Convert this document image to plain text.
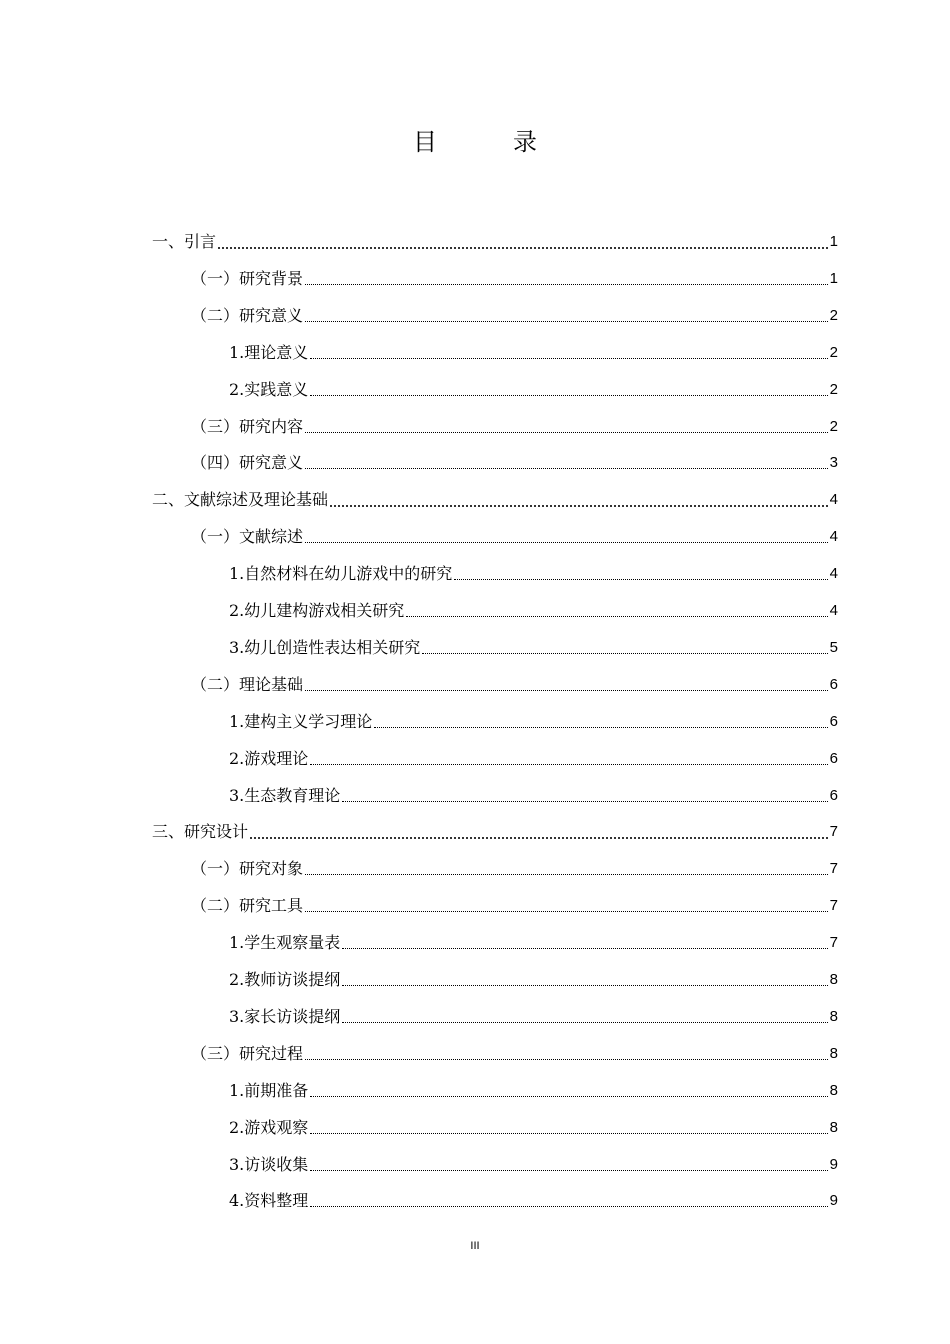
目　录
一、引言	1
（一）研究背景	1
（二）研究意义	2
1.理论意义	2
2.实践意义	2
（三）研究内容	2
（四）研究意义	3
二、文献综述及理论基础	4
（一）文献综述	4
1.自然材料在幼儿游戏中的研究	4
2.幼儿建构游戏相关研究	4
3.幼儿创造性表达相关研究	5
（二）理论基础	6
1.建构主义学习理论	6
2.游戏理论	6
3.生态教育理论	6
三、研究设计	7
（一）研究对象	7
（二）研究工具	7
1.学生观察量表	7
2.教师访谈提纲	8
3.家长访谈提纲	8
（三）研究过程	8
1.前期准备	8
2.游戏观察	8
3.访谈收集	9
4.资料整理	9
III
